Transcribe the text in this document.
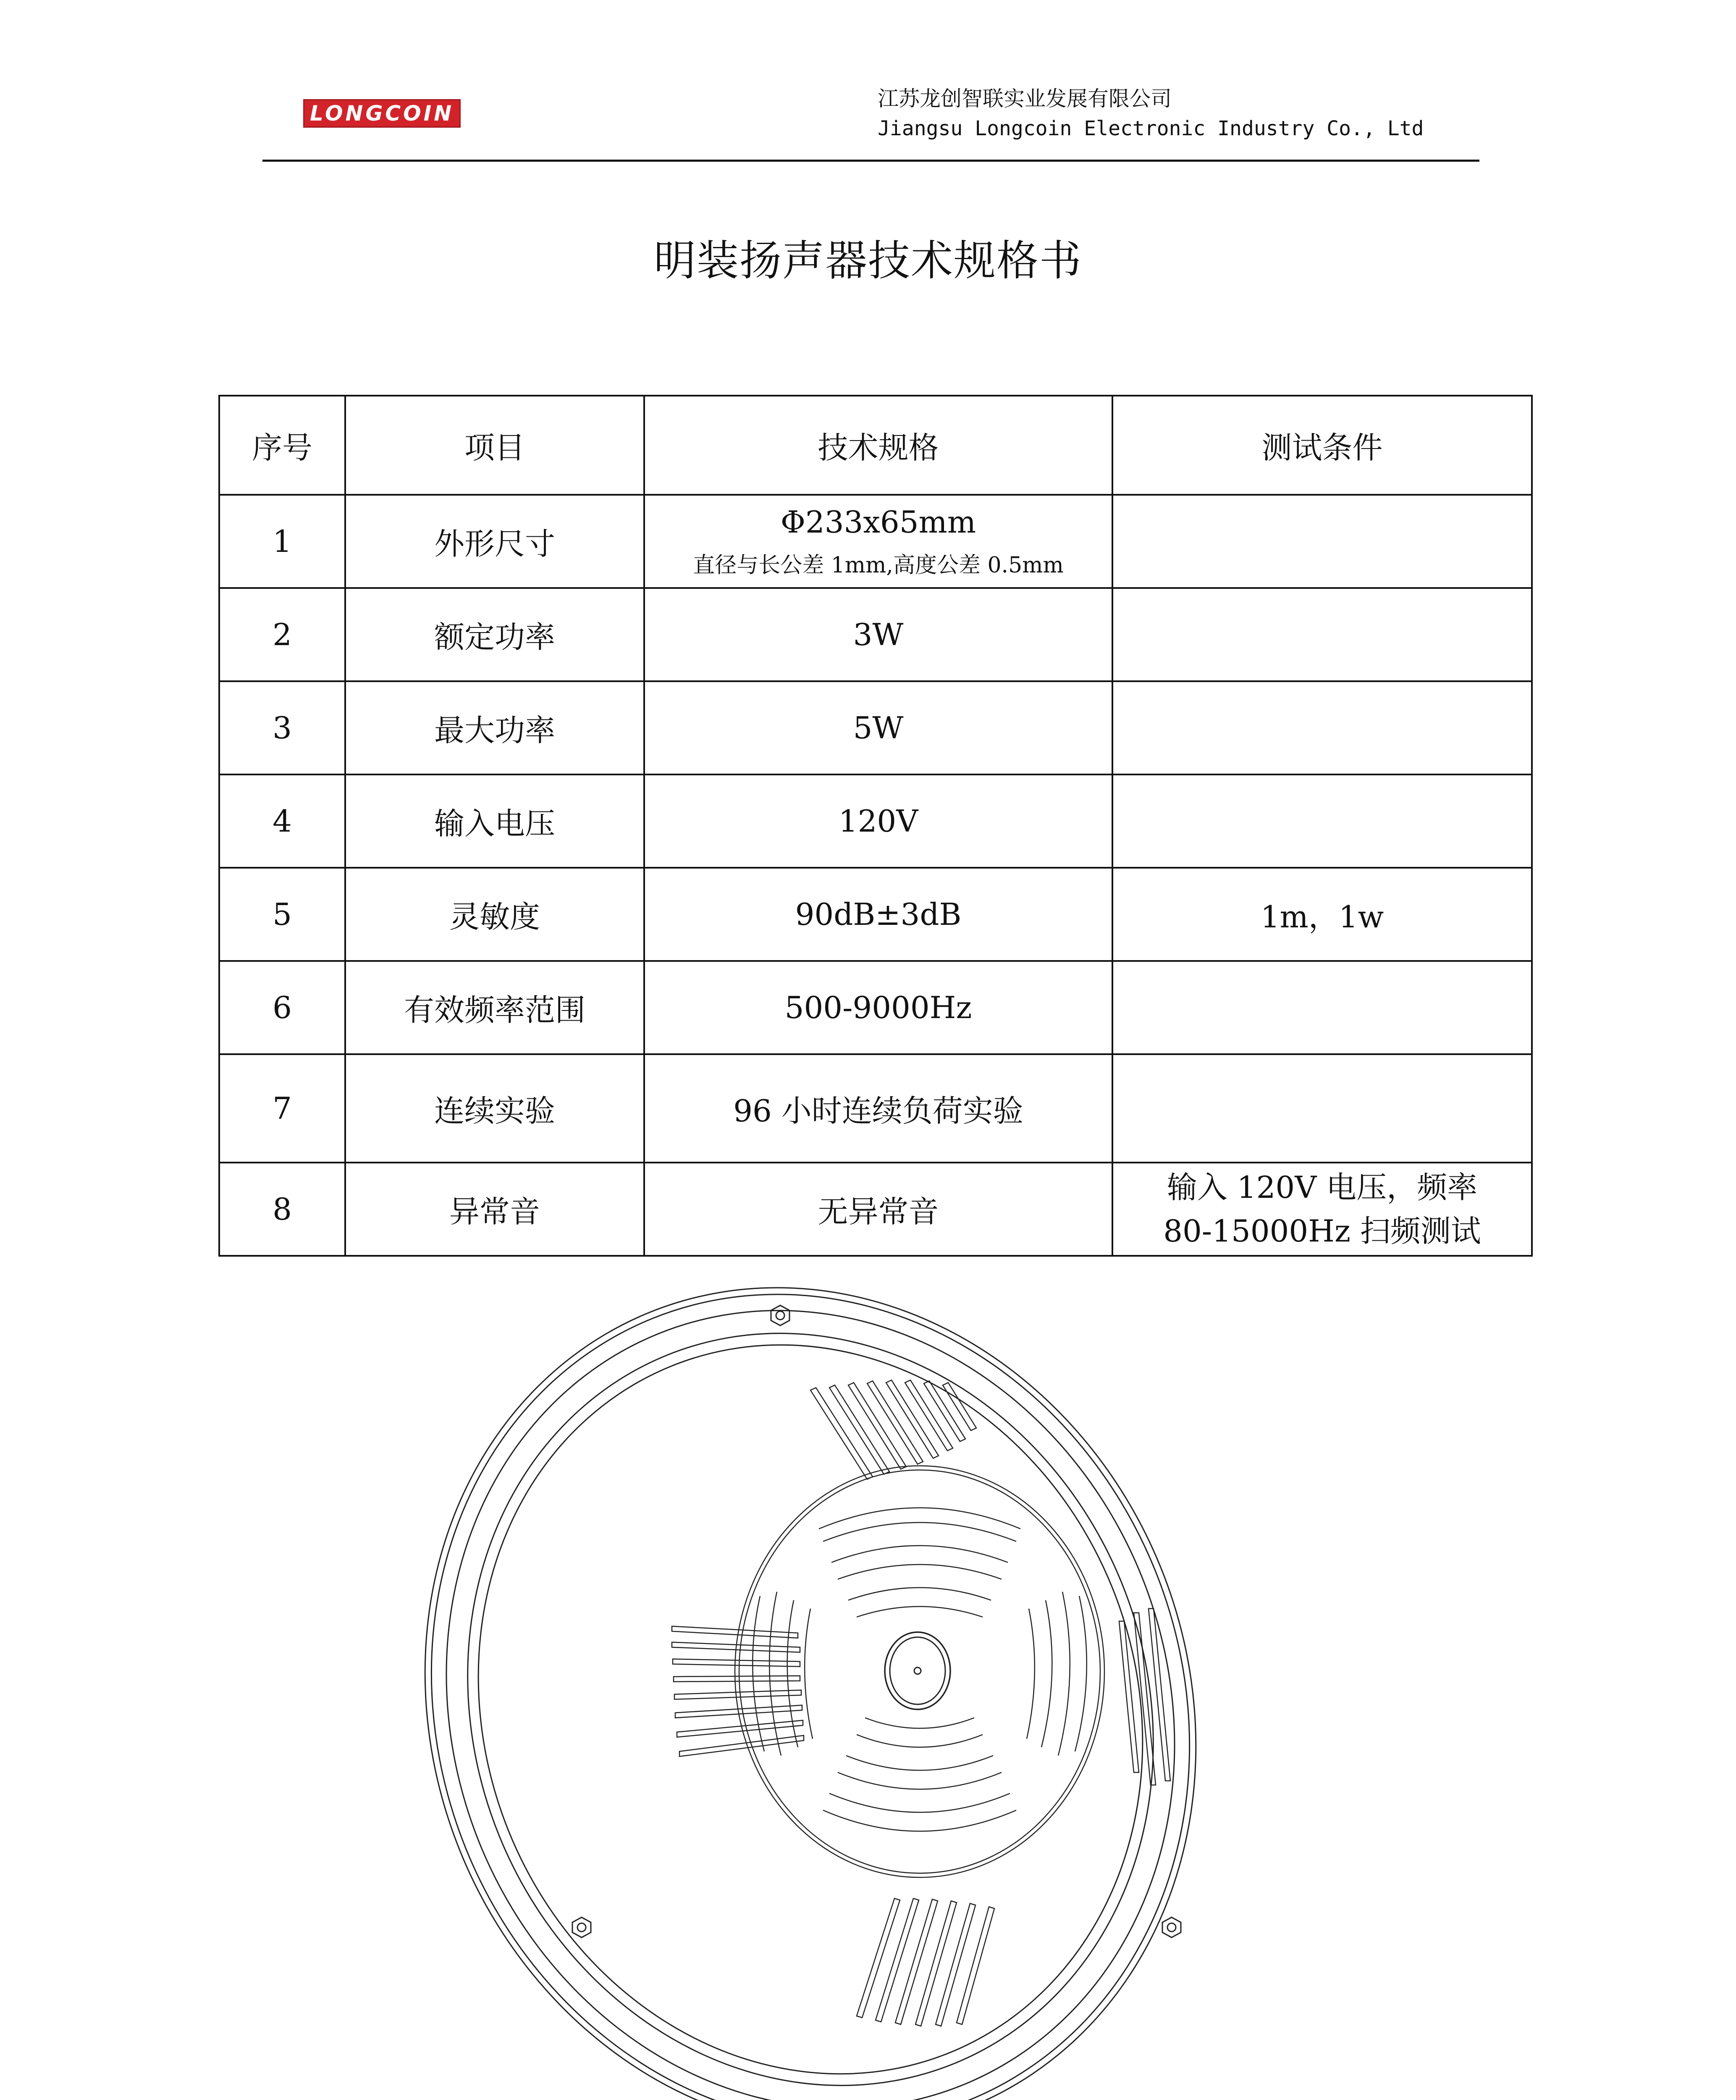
LONGCOIN
江苏龙创智联实业发展有限公司
Jiangsu Longcoin Electronic Industry Co., Ltd
明装扬声器技术规格书
序号	项目	技术规格	测试条件
1	外形尺寸	Φ233x65mm
直径与长公差 1mm,高度公差 0.5mm	

2	额定功率	3W	
3	最大功率	5W	
4	输入电压	120V	
5	灵敏度	90dB±3dB	1m，1w
6	有效频率范围	500-9000Hz	
7	连续实验	96 小时连续负荷实验	
8	异常音	无异常音	输入 120V 电压，频率
80-15000Hz 扫频测试
